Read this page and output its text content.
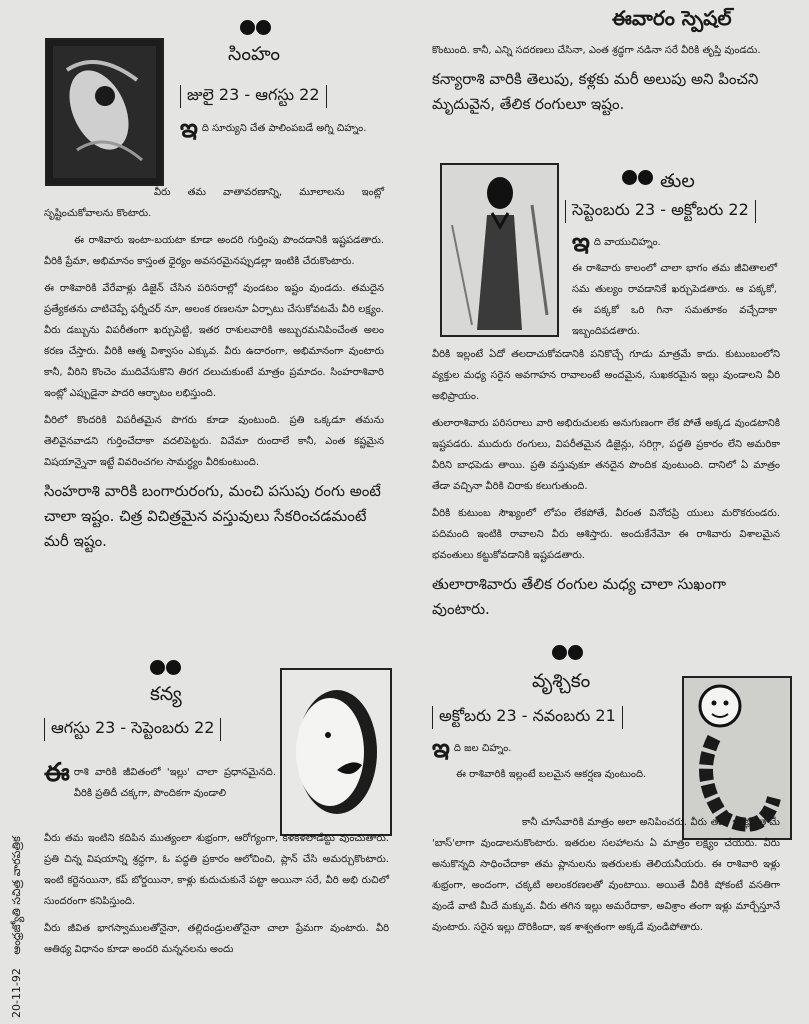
20-11-92 ఆంధ్రజ్యోతి సచిత్ర వారపత్రిక
ఈవారం స్పెషల్
సింహం
జులై 23 - ఆగస్టు 22
ఇ ది సూర్యుని చేత పాలింపబడే అగ్ని చిహ్నం.

వీరు తమ వాతావరణాన్ని, మూలాలను ఇంట్లో సృష్టించుకోవాలను కొంటారు.

ఈ రాశివారు ఇంటా-బయటా కూడా అందరి గుర్తింపు పొందడానికి ఇష్టపడతారు. వీరికి ప్రేమా, అభిమానం కాస్తంత ధైర్యం అవసరమైనప్పుడల్లా ఇంటికి చేరుకొంటారు.

ఈ రాశివారికి వేరేవాళ్లు డిజైన్ చేసిన పరిసరాల్లో వుండటం ఇష్టం వుండదు. తమదైన ప్రత్యేకతను చాటిచెప్పే ఫర్నీచర్ నూ, అలంక రణలనూ ఏర్పాటు చేసుకోవటమే వీరి లక్ష్యం. వీరు డబ్బును విపరీతంగా ఖర్చుపెట్టి, ఇతర రాశులవారికి అబ్బురమనిపించేంత అలం కరణ చేస్తారు. వీరికి ఆత్మ విశ్వాసం ఎక్కువ. వీరు ఉదారంగా, అభిమానంగా వుంటారు కానీ, వీరిని కొంచెం ముదివేసుకొని తిరగ దలుచుకుంటే మాత్రం ప్రమాదం. సింహరాశివారి ఇంట్లో ఎప్పుడైనా పాదరి ఆర్భాటం లభిస్తుంది.

వీరిలో కొందరికి విపరీతమైన పొగరు కూడా వుంటుంది. ప్రతి ఒక్కడూ తమను తెలివైనవాడని గుర్తించేదాకా వదలిపెట్టరు. వివేమా రుందాలే కానీ, ఎంత కష్టమైన విషయాన్నైనా ఇట్టే వివరించగల సామర్ధ్యం వీరికుంటుంది.

సింహరాశి వారికి బంగారురంగు, మంచి పసుపు రంగు అంటే చాలా ఇష్టం. చిత్ర విచిత్రమైన వస్తువులు సేకరించడమంటే మరీ ఇష్టం.

కన్య
ఆగస్టు 23 - సెప్టెంబరు 22
ఈ రాశి వారికి జీవితంలో 'ఇల్లు' చాలా ప్రధానమైనది. వీరికి ప్రతిదీ చక్కగా, పొందికగా వుండాలి

వీరు తమ ఇంటిని కదిపిన ముత్యంలా శుభ్రంగా, ఆరోగ్యంగా, కళకళలాడేట్టు వుంచుతారు. ప్రతి చిన్న విషయాన్ని శ్రద్ధగా, ఓ పద్ధతి ప్రకారం ఆలోచించి, ప్లాన్ చేసి అమర్చుకొంటారు. ఇంటి కర్టెనయినా, కప్ బోర్డయినా, కాళ్లు కుదుచుకునే పట్టా అయినా సరే, వీరి అభి రుచిలో సుందరంగా కనిపిస్తుంది.

వీరు జీవిత భాగస్వాములతోనైనా, తల్లిదండ్రులతోనైనా చాలా ప్రేమగా వుంటారు. వీరి ఆతిథ్య విధానం కూడా అందరి మన్ననలను అందు

కొంటుంది. కానీ, ఎన్ని సదరణలు చేసినా, ఎంత శ్రద్ధగా నడినా సరే వీరికి తృప్తి వుండదు.

కన్యారాశి వారికి తెలుపు, కళ్లకు మరీ అలుపు అని పించని మృదువైన, తేలిక రంగులూ ఇష్టం.

తుల
సెప్టెంబరు 23 - అక్టోబరు 22
ఇ ది వాయుచిహ్నం.

ఈ రాశివారు కాలంలో చాలా భాగం తమ జీవితాలలో సమ తుల్యం రావడానికే ఖర్చుపెడతారు. ఆ పక్కకో, ఈ పక్కకో ఒరి గినా సమతూకం వచ్చేదాకా ఇబ్బందిపడతారు.

వీరికి ఇల్లంటే ఏదో తలదాచుకోవడానికి పనికొచ్చే గూడు మాత్రమే కాదు. కుటుంబంలోని వ్యక్తుల మధ్య సరైన అవగాహన రావాలంటే అందమైన, సుఖకరమైన ఇల్లు వుండాలని వీరి అభిప్రాయం.

తులారాశివారు పరిసరాలు వారి అభిరుచులకు అనుగుణంగా లేక పోతే అక్కడ వుండటానికి ఇష్టపడరు. ముదురు రంగులు, విపరీతమైన డిజైన్లు, సరిగ్గా, పద్ధతి ప్రకారం లేని అమరికా వీరిని బాధపెడు తాయి. ప్రతి వస్తువుకూ తనదైన పొందిక వుంటుంది. దానిలో ఏ మాత్రం తేడా వచ్చినా వీరికి చిరాకు కలుగుతుంది.

వీరికి కుటుంబ సౌఖ్యంలో లోపం లేకపోతే, వీరంత వినోదప్రి యులు మరొకరుండరు. పదిమంది ఇంటికి రావాలని వీరు ఆశిస్తారు. అందుకేనేమో ఈ రాశివారు విశాలమైన భవంతులు కట్టుకోవడానికి ఇష్టపడతారు.

తులారాశివారు తేలిక రంగుల మధ్య చాలా సుఖంగా వుంటారు.

వృశ్చికం
అక్టోబరు 23 - నవంబరు 21
ఇ ది జల చిహ్నం.

ఈ రాశివారికి ఇల్లంటే బలమైన ఆకర్షణ వుంటుంది.

కానీ చూసేవారికి మాత్రం అలా అనిపించరు. వీరు తమ ఇంట్లో తామే 'బాస్'లాగా వుండాలనుకొంటారు. ఇతరుల సలహాలను ఏ మాత్రం లక్ష్యం చేయరు. వీరు అనుకొన్నది సాధించేదాకా తమ ప్లానులను ఇతరులకు తెలియనీయరు. ఈ రాశివారి ఇళ్లు శుభ్రంగా, అందంగా, చక్కటి అలంకరణలతో వుంటాయి. అయితే వీరికి షోకంటే వసతిగా వుండే వాటి మీదే మక్కువ. వీరు తగిన ఇల్లు అమరేదాకా, అవిశ్రాం తంగా ఇళ్లు మార్చేస్తూనే వుంటారు. సరైన ఇల్లు దొరికిందా, ఇక శాశ్వతంగా అక్కడే వుండిపోతారు.
